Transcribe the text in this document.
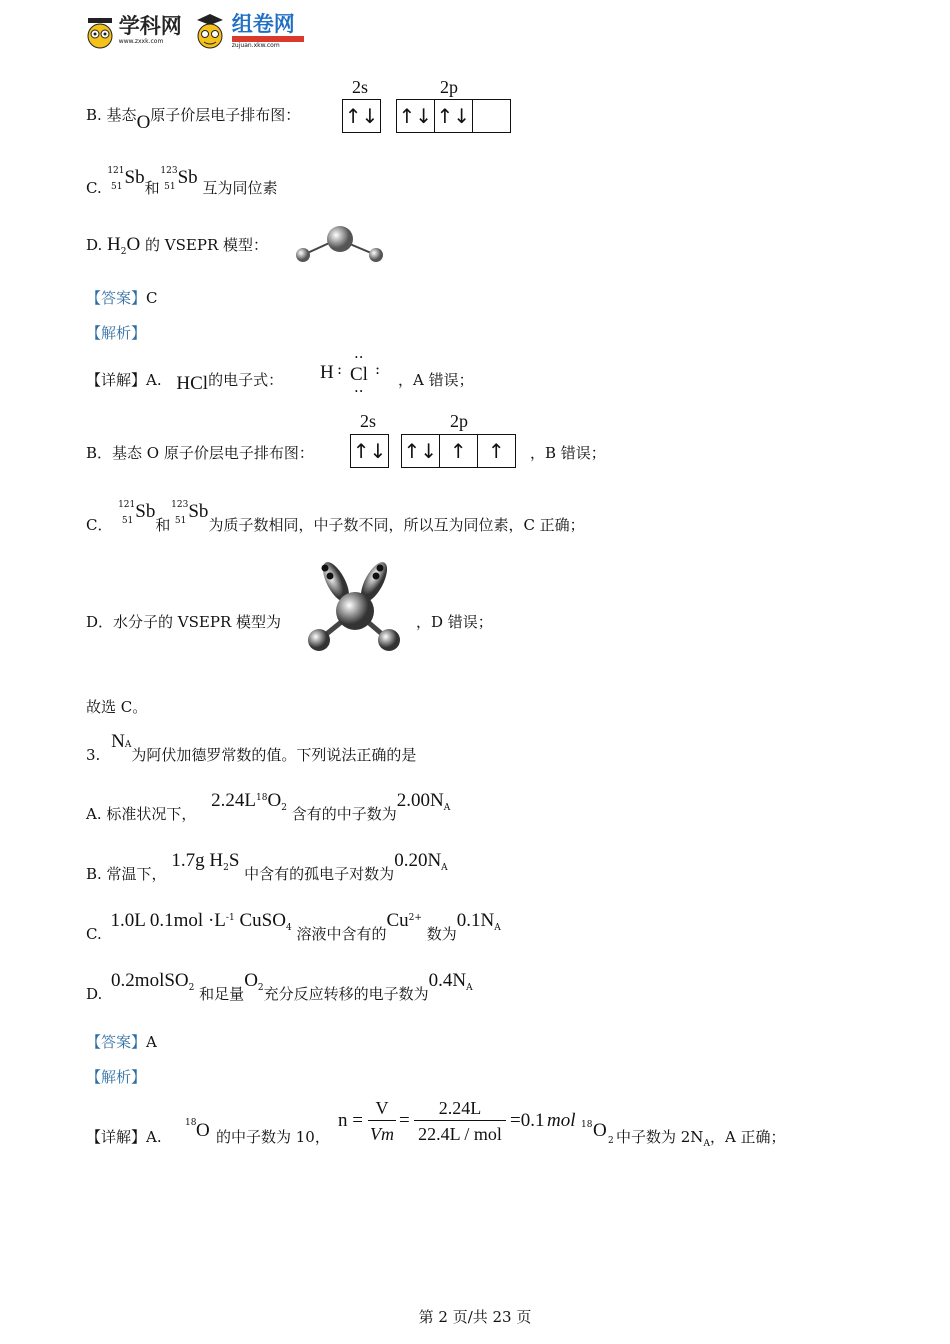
学科网
www.zxxk.com

组卷网
zujuan.xkw.com
B. 基态O原子价层电子排布图：
2s	2p
↑↓ ↑↓ ↑↓
C.
121
51 Sb和
123
51 Sb 互为同位素
D. $H_2O$ 的 VSEPR 模型：
【答案】C
【解析】
【详解】A. HCl的电子式： H : Cl
··
··
:
，A 错误；
B．基态 O 原子价层电子排布图：
2s	2p
↑↓ ↑↓ ↑ ↑	，B 错误；
C．
121
51 Sb和
123
51 Sb为质子数相同，中子数不同，所以互为同位素，C 正确；
D．水分子的 VSEPR 模型为	，D 错误；
故选 C。
3. NA为阿伏加德罗常数的值。下列说法正确的是
A. 标准状况下， $2.24L^{18}O_2$ 含有的中子数为$2.00N_A$
B. 常温下， 1.7g $H_2S$ 中含有的孤电子对数为$0.20N_A$
C. 1.0L $0.1mol \cdot L^{-1}$ CuSO$_4$ 溶液中含有的$Cu^{2+}$ 数为$0.1N_A$
D. 0.2molSO$_2$ 和足量$O_2$充分反应转移的电子数为$0.4N_A$
【答案】A
【解析】
【详解】A.
18 O 的中子数为 10，
n =
V
Vm
=
2.24L
22.4L / mol
=0.1 mol 18 O 2 中子数为 $2N_A$，A 正确；
第 2 页/共 23 页
